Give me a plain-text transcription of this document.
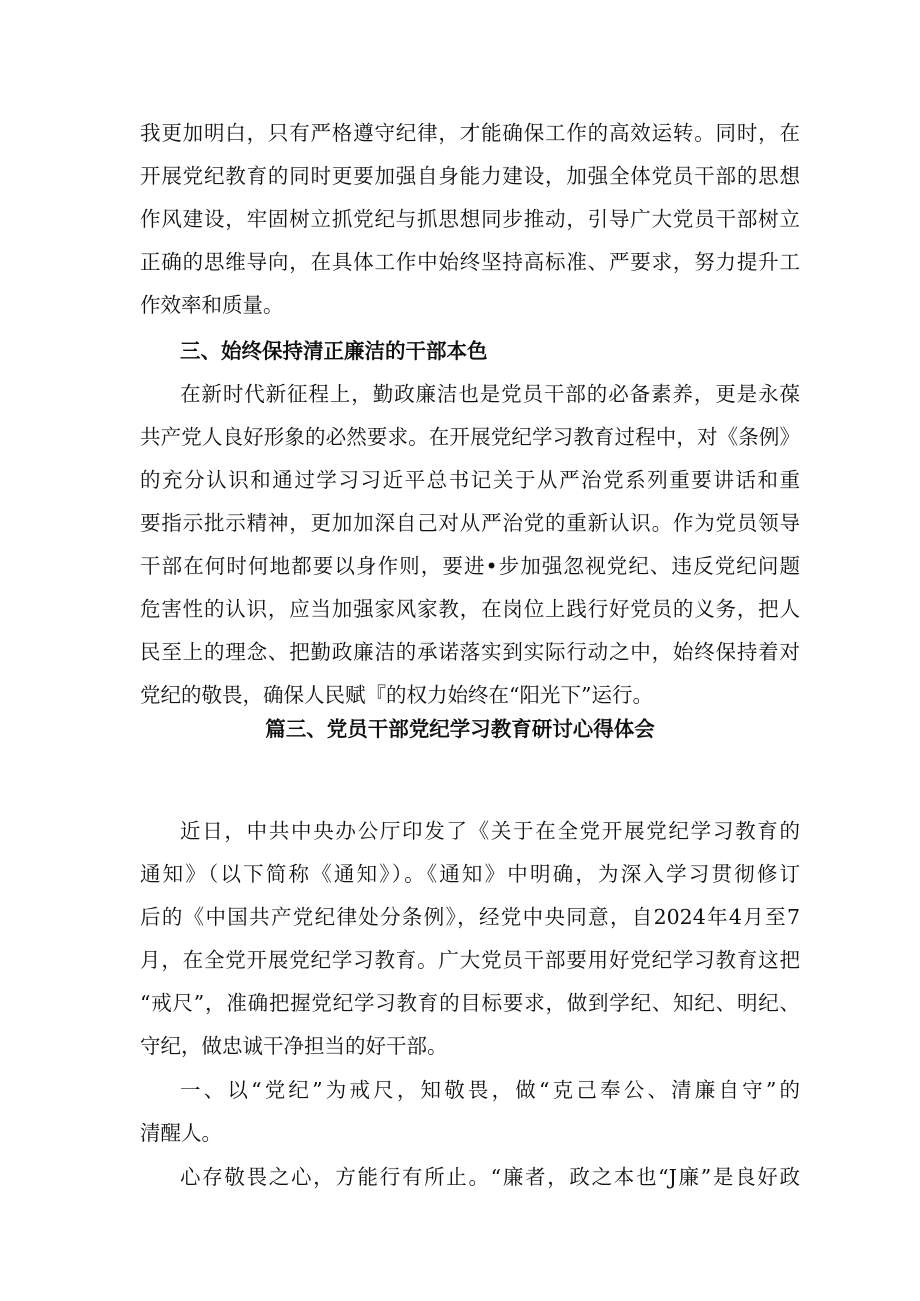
我更加明白，只有严格遵守纪律，才能确保工作的高效运转。同时，在
开展党纪教育的同时更要加强自身能力建设，加强全体党员干部的思想
作风建设，牢固树立抓党纪与抓思想同步推动，引导广大党员干部树立
正确的思维导向，在具体工作中始终坚持高标准、严要求，努力提升工
作效率和质量。
三、始终保持清正廉洁的干部本色
在新时代新征程上，勤政廉洁也是党员干部的必备素养，更是永葆
共产党人良好形象的必然要求。在开展党纪学习教育过程中，对《条例》
的充分认识和通过学习习近平总书记关于从严治党系列重要讲话和重
要指示批示精神，更加加深自己对从严治党的重新认识。作为党员领导
干部在何时何地都要以身作则，要进•步加强忽视党纪、违反党纪问题
危害性的认识，应当加强家风家教，在岗位上践行好党员的义务，把人
民至上的理念、把勤政廉洁的承诺落实到实际行动之中，始终保持着对
党纪的敬畏，确保人民赋『的权力始终在“阳光下”运行。
篇三、党员干部党纪学习教育研讨心得体会
近日，中共中央办公厅印发了《关于在全党开展党纪学习教育的
通知》（以下简称《通知》）。《通知》中明确，为深入学习贯彻修订
后的《中国共产党纪律处分条例》，经党中央同意，自2024年4月至7
月，在全党开展党纪学习教育。广大党员干部要用好党纪学习教育这把
“戒尺”，准确把握党纪学习教育的目标要求，做到学纪、知纪、明纪、
守纪，做忠诚干净担当的好干部。
一、以“党纪”为戒尺，知敬畏，做“克己奉公、清廉自守”的
清醒人。
心存敬畏之心，方能行有所止。“廉者，政之本也“J廉”是良好政
